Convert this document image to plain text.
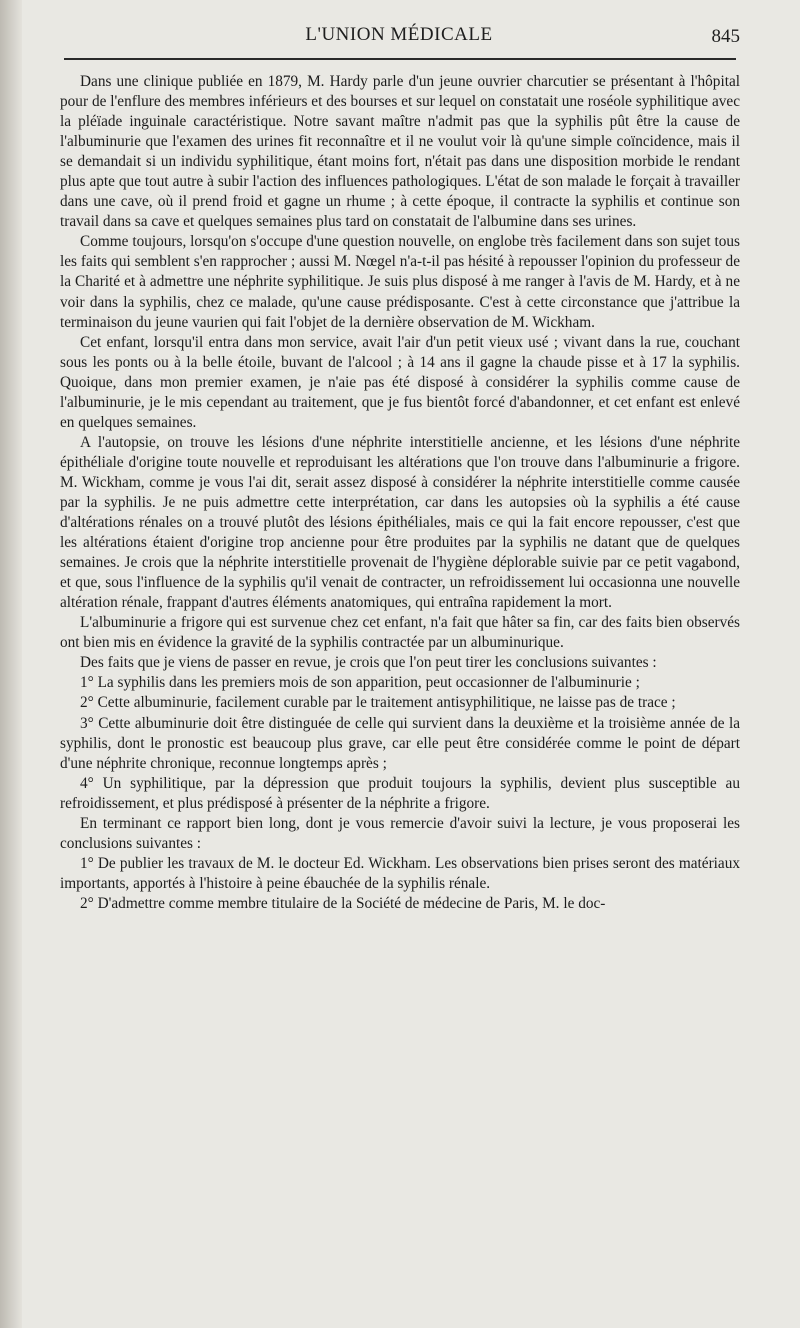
L'UNION MÉDICALE	845

Dans une clinique publiée en 1879, M. Hardy parle d'un jeune ouvrier charcutier se présentant à l'hôpital pour de l'enflure des membres inférieurs et des bourses et sur lequel on constatait une roséole syphilitique avec la pléïade inguinale caractéristique. Notre savant maître n'admit pas que la syphilis pût être la cause de l'albuminurie que l'examen des urines fit reconnaître et il ne voulut voir là qu'une simple coïncidence, mais il se demandait si un individu syphilitique, étant moins fort, n'était pas dans une disposition morbide le rendant plus apte que tout autre à subir l'action des influences pathologiques. L'état de son malade le forçait à travailler dans une cave, où il prend froid et gagne un rhume ; à cette époque, il contracte la syphilis et continue son travail dans sa cave et quelques semaines plus tard on constatait de l'albumine dans ses urines.

Comme toujours, lorsqu'on s'occupe d'une question nouvelle, on englobe très facilement dans son sujet tous les faits qui semblent s'en rapprocher ; aussi M. Nœgel n'a-t-il pas hésité à repousser l'opinion du professeur de la Charité et à admettre une néphrite syphilitique. Je suis plus disposé à me ranger à l'avis de M. Hardy, et à ne voir dans la syphilis, chez ce malade, qu'une cause prédisposante. C'est à cette circonstance que j'attribue la terminaison du jeune vaurien qui fait l'objet de la dernière observation de M. Wickham.

Cet enfant, lorsqu'il entra dans mon service, avait l'air d'un petit vieux usé ; vivant dans la rue, couchant sous les ponts ou à la belle étoile, buvant de l'alcool ; à 14 ans il gagne la chaude pisse et à 17 la syphilis. Quoique, dans mon premier examen, je n'aie pas été disposé à considérer la syphilis comme cause de l'albuminurie, je le mis cependant au traitement, que je fus bientôt forcé d'abandonner, et cet enfant est enlevé en quelques semaines.

A l'autopsie, on trouve les lésions d'une néphrite interstitielle ancienne, et les lésions d'une néphrite épithéliale d'origine toute nouvelle et reproduisant les altérations que l'on trouve dans l'albuminurie a frigore. M. Wickham, comme je vous l'ai dit, serait assez disposé à considérer la néphrite interstitielle comme causée par la syphilis. Je ne puis admettre cette interprétation, car dans les autopsies où la syphilis a été cause d'altérations rénales on a trouvé plutôt des lésions épithéliales, mais ce qui la fait encore repousser, c'est que les altérations étaient d'origine trop ancienne pour être produites par la syphilis ne datant que de quelques semaines. Je crois que la néphrite interstitielle provenait de l'hygiène déplorable suivie par ce petit vagabond, et que, sous l'influence de la syphilis qu'il venait de contracter, un refroidissement lui occasionna une nouvelle altération rénale, frappant d'autres éléments anatomiques, qui entraîna rapidement la mort.

L'albuminurie a frigore qui est survenue chez cet enfant, n'a fait que hâter sa fin, car des faits bien observés ont bien mis en évidence la gravité de la syphilis contractée par un albuminurique.

Des faits que je viens de passer en revue, je crois que l'on peut tirer les conclusions suivantes :

1° La syphilis dans les premiers mois de son apparition, peut occasionner de l'albuminurie ;

2° Cette albuminurie, facilement curable par le traitement antisyphilitique, ne laisse pas de trace ;

3° Cette albuminurie doit être distinguée de celle qui survient dans la deuxième et la troisième année de la syphilis, dont le pronostic est beaucoup plus grave, car elle peut être considérée comme le point de départ d'une néphrite chronique, reconnue longtemps après ;

4° Un syphilitique, par la dépression que produit toujours la syphilis, devient plus susceptible au refroidissement, et plus prédisposé à présenter de la néphrite a frigore.

En terminant ce rapport bien long, dont je vous remercie d'avoir suivi la lecture, je vous proposerai les conclusions suivantes :

1° De publier les travaux de M. le docteur Ed. Wickham. Les observations bien prises seront des matériaux importants, apportés à l'histoire à peine ébauchée de la syphilis rénale.

2° D'admettre comme membre titulaire de la Société de médecine de Paris, M. le doc-
